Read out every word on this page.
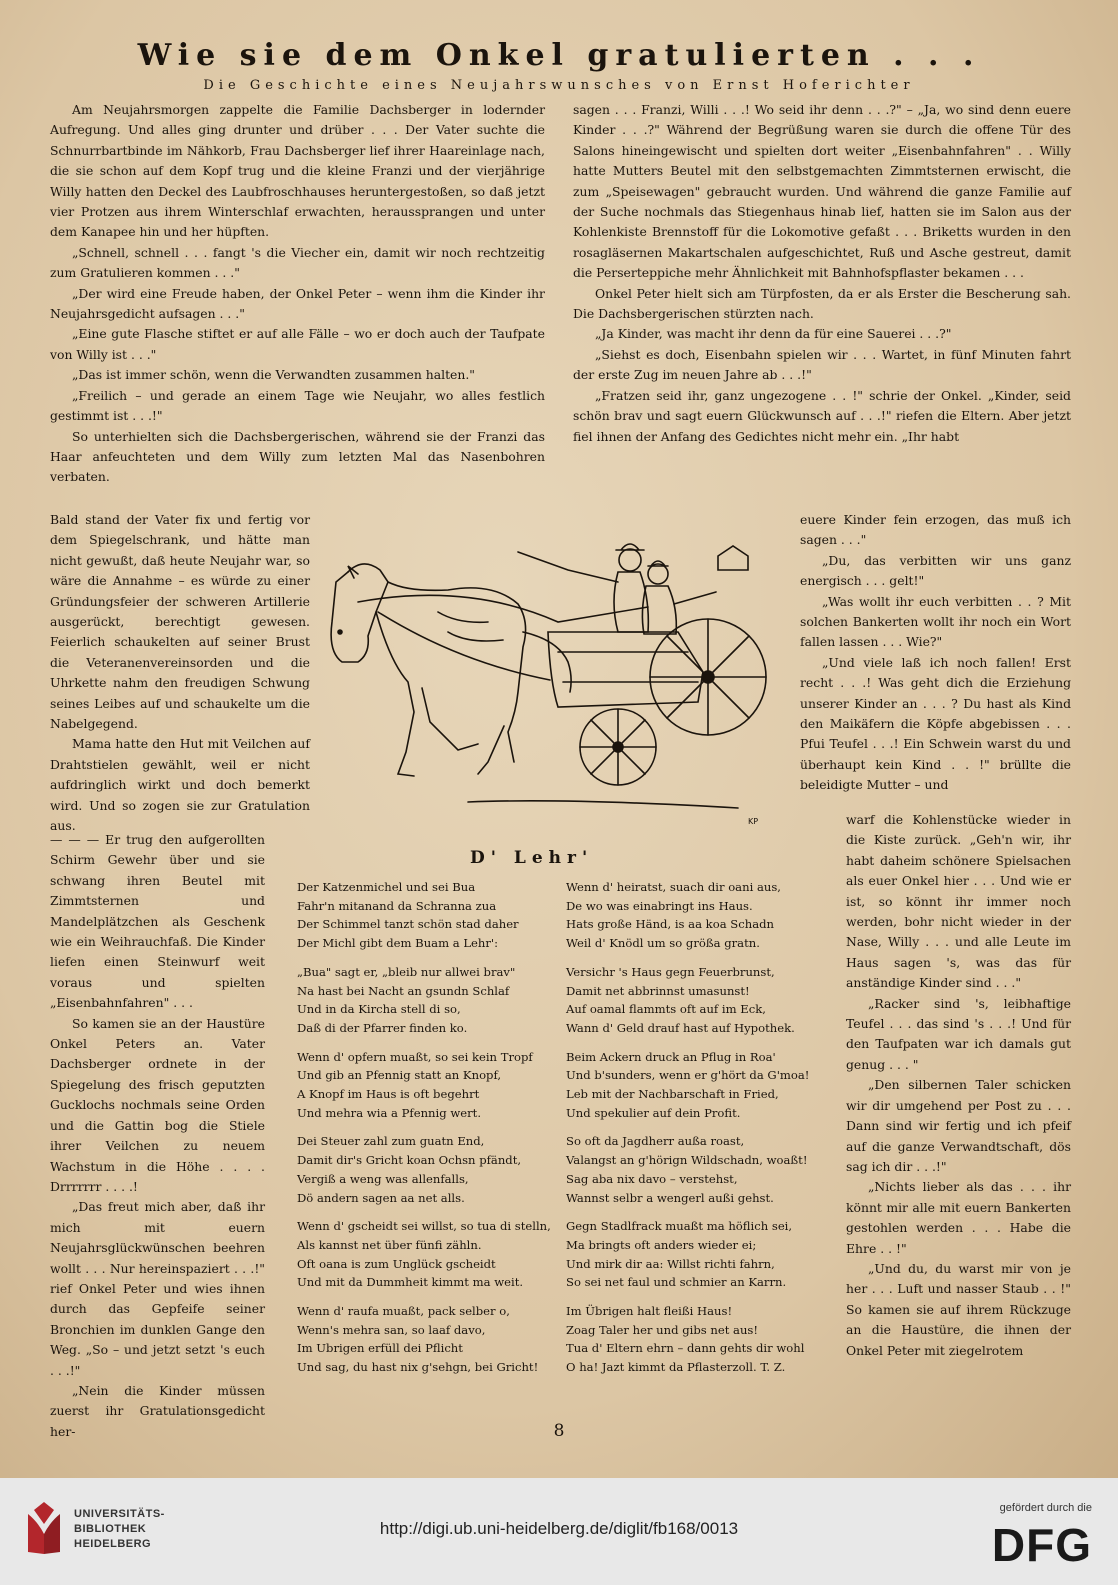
Wie sie dem Onkel gratulierten . . .
Die Geschichte eines Neujahrswunsches von Ernst Hoferichter

Am Neujahrsmorgen zappelte die Familie Dachsberger in lodernder Aufregung. Und alles ging drunter und drüber . . . Der Vater suchte die Schnurrbartbinde im Nähkorb, Frau Dachsberger lief ihrer Haareinlage nach, die sie schon auf dem Kopf trug und die kleine Franzi und der vierjährige Willy hatten den Deckel des Laubfroschhauses heruntergestoßen, so daß jetzt vier Protzen aus ihrem Winterschlaf erwachten, heraussprangen und unter dem Kanapee hin und her hüpften.

„Schnell, schnell . . . fangt 's die Viecher ein, damit wir noch rechtzeitig zum Gratulieren kommen . . ."

„Der wird eine Freude haben, der Onkel Peter – wenn ihm die Kinder ihr Neujahrsgedicht aufsagen . . ."

„Eine gute Flasche stiftet er auf alle Fälle – wo er doch auch der Taufpate von Willy ist . . ."

„Das ist immer schön, wenn die Verwandten zusammen halten."

„Freilich – und gerade an einem Tage wie Neujahr, wo alles festlich gestimmt ist . . .!"

So unterhielten sich die Dachsbergerischen, während sie der Franzi das Haar anfeuchteten und dem Willy zum letzten Mal das Nasenbohren verbaten.

Bald stand der Vater fix und fertig vor dem Spiegelschrank, und hätte man nicht gewußt, daß heute Neujahr war, so wäre die Annahme – es würde zu einer Gründungsfeier der schweren Artillerie ausgerückt, berechtigt gewesen. Feierlich schaukelten auf seiner Brust die Veteranenvereinsorden und die Uhrkette nahm den freudigen Schwung seines Leibes auf und schaukelte um die Nabelgegend.

Mama hatte den Hut mit Veilchen auf Drahtstielen gewählt, weil er nicht aufdringlich wirkt und doch bemerkt wird. Und so zogen sie zur Gratulation aus.

— — — Er trug den aufgerollten Schirm Gewehr über und sie schwang ihren Beutel mit Zimmtsternen und Mandelplätzchen als Geschenk wie ein Weihrauchfaß. Die Kinder liefen einen Steinwurf weit voraus und spielten „Eisenbahnfahren" . . .

So kamen sie an der Haustüre Onkel Peters an. Vater Dachsberger ordnete in der Spiegelung des frisch geputzten Gucklochs nochmals seine Orden und die Gattin bog die Stiele ihrer Veilchen zu neuem Wachstum in die Höhe . . . . Drrrrrrr . . . .!

„Das freut mich aber, daß ihr mich mit euern Neujahrsglückwünschen beehren wollt . . . Nur hereinspaziert . . .!" rief Onkel Peter und wies ihnen durch das Gepfeife seiner Bronchien im dunklen Gange den Weg. „So – und jetzt setzt 's euch . . .!"

„Nein die Kinder müssen zuerst ihr Gratulationsgedicht her-

sagen . . . Franzi, Willi . . .! Wo seid ihr denn . . .?" – „Ja, wo sind denn euere Kinder . . .?" Während der Begrüßung waren sie durch die offene Tür des Salons hineingewischt und spielten dort weiter „Eisenbahnfahren" . . Willy hatte Mutters Beutel mit den selbstgemachten Zimmtsternen erwischt, die zum „Speisewagen" gebraucht wurden. Und während die ganze Familie auf der Suche nochmals das Stiegenhaus hinab lief, hatten sie im Salon aus der Kohlenkiste Brennstoff für die Lokomotive gefaßt . . . Briketts wurden in den rosagläsernen Makartschalen aufgeschichtet, Ruß und Asche gestreut, damit die Perserteppiche mehr Ähnlichkeit mit Bahnhofspflaster bekamen . . .

Onkel Peter hielt sich am Türpfosten, da er als Erster die Bescherung sah. Die Dachsbergerischen stürzten nach.

„Ja Kinder, was macht ihr denn da für eine Sauerei . . .?"

„Siehst es doch, Eisenbahn spielen wir . . . Wartet, in fünf Minuten fahrt der erste Zug im neuen Jahre ab . . .!"

„Fratzen seid ihr, ganz ungezogene . . !" schrie der Onkel. „Kinder, seid schön brav und sagt euern Glückwunsch auf . . .!" riefen die Eltern. Aber jetzt fiel ihnen der Anfang des Gedichtes nicht mehr ein. „Ihr habt

euere Kinder fein erzogen, das muß ich sagen . . ."

„Du, das verbitten wir uns ganz energisch . . . gelt!"

„Was wollt ihr euch verbitten . . ? Mit solchen Bankerten wollt ihr noch ein Wort fallen lassen . . . Wie?"

„Und viele laß ich noch fallen! Erst recht . . .! Was geht dich die Erziehung unserer Kinder an . . . ? Du hast als Kind den Maikäfern die Köpfe abgebissen . . . Pfui Teufel . . .! Ein Schwein warst du und überhaupt kein Kind . . !" brüllte die beleidigte Mutter – und

warf die Kohlenstücke wieder in die Kiste zurück. „Geh'n wir, ihr habt daheim schönere Spielsachen als euer Onkel hier . . . Und wie er ist, so könnt ihr immer noch werden, bohr nicht wieder in der Nase, Willy . . . und alle Leute im Haus sagen 's, was das für anständige Kinder sind . . ."

„Racker sind 's, leibhaftige Teufel . . . das sind 's . . .! Und für den Taufpaten war ich damals gut genug . . . "

„Den silbernen Taler schicken wir dir umgehend per Post zu . . . Dann sind wir fertig und ich pfeif auf die ganze Verwandtschaft, dös sag ich dir . . .!"

„Nichts lieber als das . . . ihr könnt mir alle mit euern Bankerten gestohlen werden . . . Habe die Ehre . . !"

„Und du, du warst mir von je her . . . Luft und nasser Staub . . !" So kamen sie auf ihrem Rückzuge an die Haustüre, die ihnen der Onkel Peter mit ziegelrotem

KP
D' Lehr'
Der Katzenmichel und sei Bua
Fahr'n mitanand da Schranna zua
Der Schimmel tanzt schön stad daher
Der Michl gibt dem Buam a Lehr':
„Bua" sagt er, „bleib nur allwei brav"
Na hast bei Nacht an gsundn Schlaf
Und in da Kircha stell di so,
Daß di der Pfarrer finden ko.
Wenn d' opfern muaßt, so sei kein Tropf
Und gib an Pfennig statt an Knopf,
A Knopf im Haus is oft begehrt
Und mehra wia a Pfennig wert.
Dei Steuer zahl zum guatn End,
Damit dir's Gricht koan Ochsn pfändt,
Vergiß a weng was allenfalls,
Dö andern sagen aa net alls.
Wenn d' gscheidt sei willst, so tua di stelln,
Als kannst net über fünfi zähln.
Oft oana is zum Unglück gscheidt
Und mit da Dummheit kimmt ma weit.
Wenn d' raufa muaßt, pack selber o,
Wenn's mehra san, so laaf davo,
Im Ubrigen erfüll dei Pflicht
Und sag, du hast nix g'sehgn, bei Gricht!
Wenn d' heiratst, suach dir oani aus,
De wo was einabringt ins Haus.
Hats große Händ, is aa koa Schadn
Weil d' Knödl um so größa gratn.
Versichr 's Haus gegn Feuerbrunst,
Damit net abbrinnst umasunst!
Auf oamal flammts oft auf im Eck,
Wann d' Geld drauf hast auf Hypothek.
Beim Ackern druck an Pflug in Roa'
Und b'sunders, wenn er g'hört da G'moa!
Leb mit der Nachbarschaft in Fried,
Und spekulier auf dein Profit.
So oft da Jagdherr außa roast,
Valangst an g'hörign Wildschadn, woaßt!
Sag aba nix davo – verstehst,
Wannst selbr a wengerl außi gehst.
Gegn Stadlfrack muaßt ma höflich sei,
Ma bringts oft anders wieder ei;
Und mirk dir aa: Willst richti fahrn,
So sei net faul und schmier an Karrn.
Im Übrigen halt fleißi Haus!
Zoag Taler her und gibs net aus!
Tua d' Eltern ehrn – dann gehts dir wohl
O ha! Jazt kimmt da Pflasterzoll. T. Z.
8
UNIVERSITÄTS-
BIBLIOTHEK
HEIDELBERG
http://digi.ub.uni-heidelberg.de/diglit/fb168/0013
gefördert durch die
DFG
